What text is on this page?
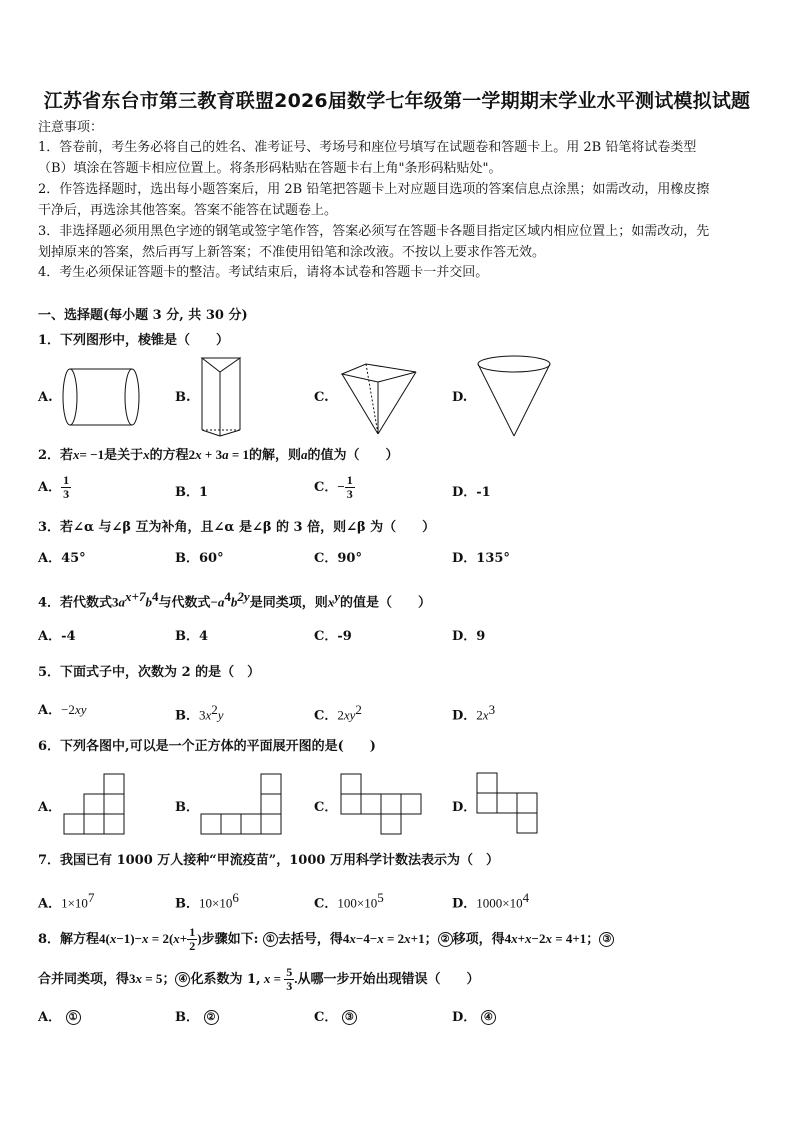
江苏省东台市第三教育联盟2026届数学七年级第一学期期末学业水平测试模拟试题
注意事项：
1．答卷前，考生务必将自己的姓名、准考证号、考场号和座位号填写在试题卷和答题卡上。用 2B 铅笔将试卷类型
（B）填涂在答题卡相应位置上。将条形码粘贴在答题卡右上角"条形码粘贴处"。
2．作答选择题时，选出每小题答案后，用 2B 铅笔把答题卡上对应题目选项的答案信息点涂黑；如需改动，用橡皮擦
干净后，再选涂其他答案。答案不能答在试题卷上。
3．非选择题必须用黑色字迹的钢笔或签字笔作答，答案必须写在答题卡各题目指定区域内相应位置上；如需改动，先
划掉原来的答案，然后再写上新答案；不准使用铅笔和涂改液。不按以上要求作答无效。
4．考生必须保证答题卡的整洁。考试结束后，请将本试卷和答题卡一并交回。
一、选择题(每小题 3 分, 共 30 分)
1．下列图形中，棱锥是（　　）
A.	B.	C.	D.
2．若x= −1是关于x的方程2x + 3a = 1的解，则a的值为（　　）
A． $\frac{1}{3}$	B．1	C．− $\frac{1}{3}$	D．-1
3．若∠α 与∠β 互为补角，且∠α 是∠β 的 3 倍，则∠β 为（　　）
A．45°	B．60°	C．90°	D．135°
4．若代数式$3a^{x+7}b^4$与代数式$-a^4b^{2y}$是同类项，则$x^y$的值是（　　）
A．-4	B．4	C．-9	D．9
5．下面式子中，次数为 2 的是（　）
A．−2xy	B．$3x^2y$	C．$2xy^2$	D．$2x^3$
6．下列各图中,可以是一个正方体的平面展开图的是(　　)
A．	B．	C．	D．
7．我国已有 1000 万人接种“甲流疫苗”，1000 万用科学计数法表示为（　）
A．$1\times 10^7$	B．$10\times 10^6$	C．$100\times 10^5$	D．$1000\times 10^4$
8．解方程$4(x-1)-x = 2(x+ \frac{1}{2}$ )步骤如下: ① 去括号，得4x−4−x = 2x+1； ② 移项，得4x+x−2x = 4+1； ③
合并同类项，得3x = 5； ④ 化系数为 1, $x = \frac{5}{3}$ .从哪一步开始出现错误（　　）
A． ①	B． ②	C． ③	D． ④
